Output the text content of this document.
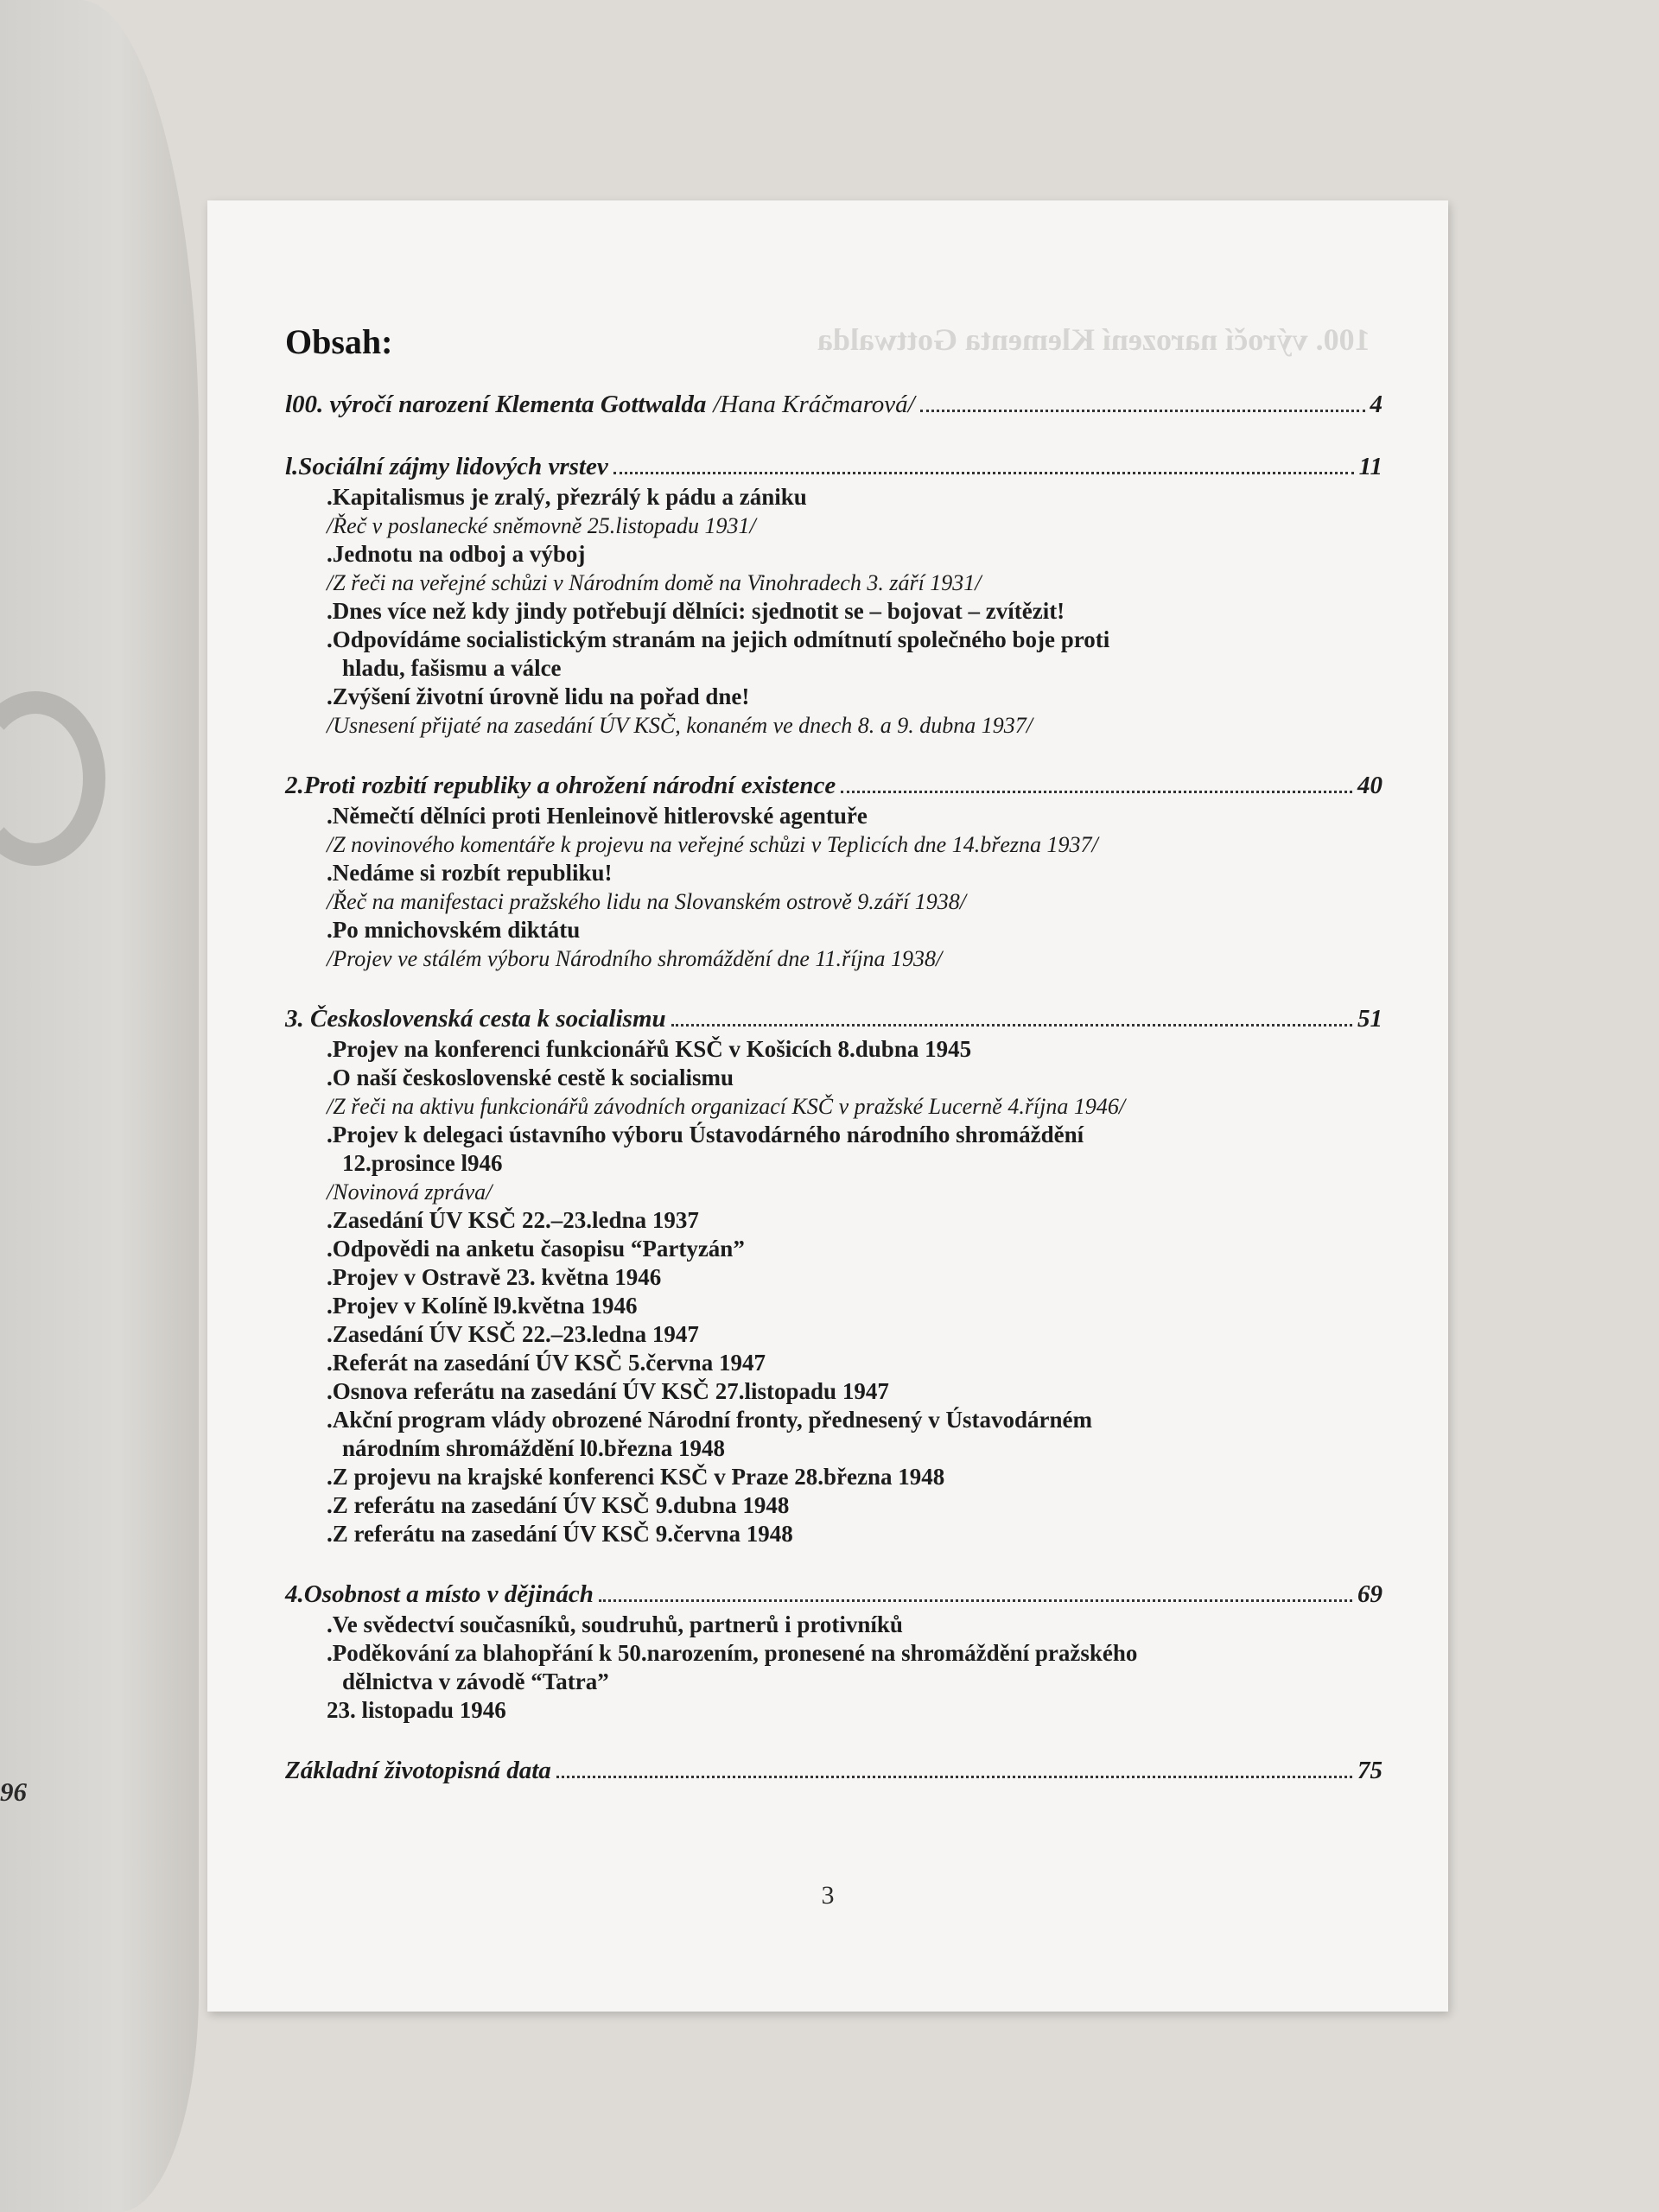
96
100. výročí narození Klementa Gottwalda
Obsah:
l00. výročí narození Klementa Gottwalda /Hana Kráčmarová/	4
l.Sociální zájmy lidových vrstev	11
.Kapitalismus je zralý, přezrálý k pádu a zániku
/Řeč v poslanecké sněmovně 25.listopadu 1931/
.Jednotu na odboj a výboj
/Z řeči na veřejné schůzi v Národním domě na Vinohradech 3. září 1931/
.Dnes více než kdy jindy potřebují dělníci: sjednotit se – bojovat – zvítězit!
.Odpovídáme socialistickým stranám na jejich odmítnutí společného boje proti
hladu, fašismu a válce
.Zvýšení životní úrovně lidu na pořad dne!
/Usnesení přijaté na zasedání ÚV KSČ, konaném ve dnech 8. a 9. dubna 1937/
2.Proti rozbití republiky a ohrožení národní existence	40
.Němečtí dělníci proti Henleinově hitlerovské agentuře
/Z novinového komentáře k projevu na veřejné schůzi v Teplicích dne 14.března 1937/
.Nedáme si rozbít republiku!
/Řeč na manifestaci pražského lidu na Slovanském ostrově 9.září 1938/
.Po mnichovském diktátu
/Projev ve stálém výboru Národního shromáždění dne 11.října 1938/
3. Československá cesta k socialismu	51
.Projev na konferenci funkcionářů KSČ v Košicích 8.dubna 1945
.O naší československé cestě k socialismu
/Z řeči na aktivu funkcionářů závodních organizací KSČ v pražské Lucerně 4.října 1946/
.Projev k delegaci ústavního výboru Ústavodárného národního shromáždění
12.prosince l946
/Novinová zpráva/
.Zasedání ÚV KSČ 22.–23.ledna 1937
.Odpovědi na anketu časopisu “Partyzán”
.Projev v Ostravě 23. května 1946
.Projev v Kolíně l9.května 1946
.Zasedání ÚV KSČ 22.–23.ledna 1947
.Referát na zasedání ÚV KSČ 5.června 1947
.Osnova referátu na zasedání ÚV KSČ 27.listopadu 1947
.Akční program vlády obrozené Národní fronty, přednesený v Ústavodárném
národním shromáždění l0.března 1948
.Z projevu na krajské konferenci KSČ v Praze 28.března 1948
.Z referátu na zasedání ÚV KSČ 9.dubna 1948
.Z referátu na zasedání ÚV KSČ 9.června 1948
4.Osobnost a místo v dějinách	69
.Ve svědectví současníků, soudruhů, partnerů i protivníků
.Poděkování za blahopřání k 50.narozením, pronesené na shromáždění pražského
dělnictva v závodě “Tatra”
23. listopadu 1946
Základní životopisná data	75
3
